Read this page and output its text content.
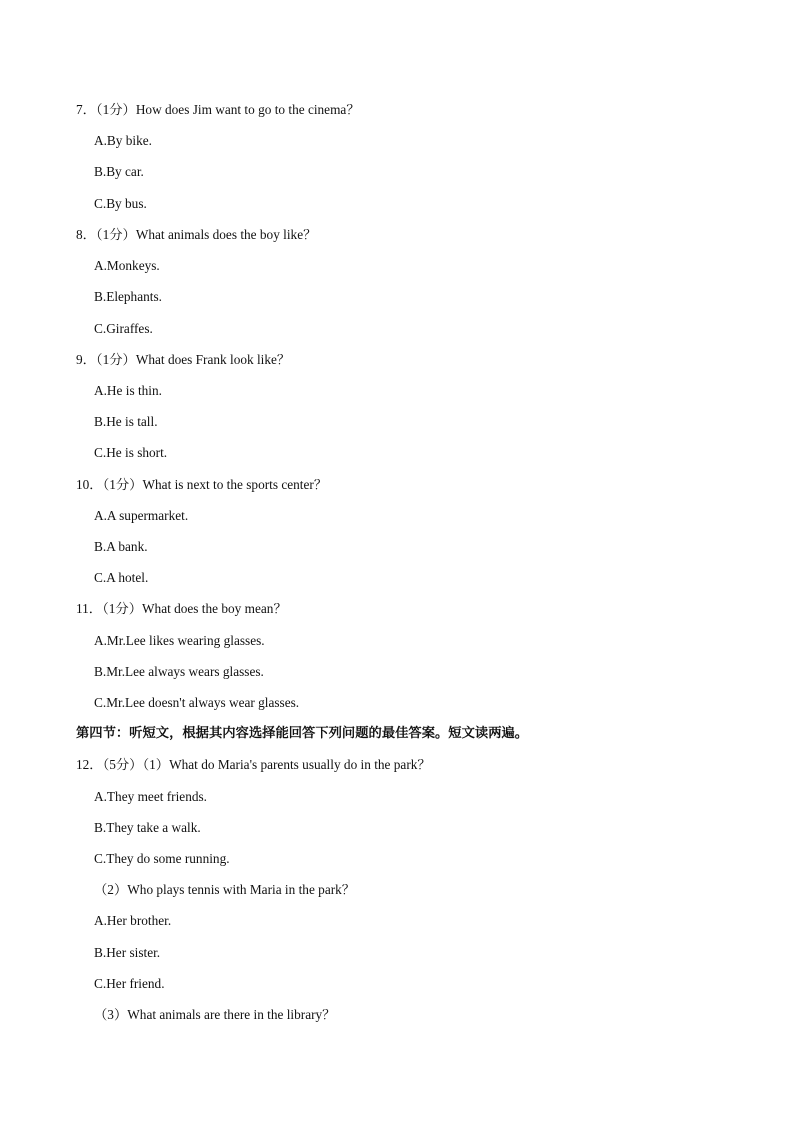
7．（1分）How does Jim want to go to the cinema？
A.By bike.
B.By car.
C.By bus.
8．（1分）What animals does the boy like？
A.Monkeys.
B.Elephants.
C.Giraffes.
9．（1分）What does Frank look like？
A.He is thin.
B.He is tall.
C.He is short.
10．（1分）What is next to the sports center？
A.A supermarket.
B.A bank.
C.A hotel.
11．（1分）What does the boy mean？
A.Mr.Lee likes wearing glasses.
B.Mr.Lee always wears glasses.
C.Mr.Lee doesn't always wear glasses.
第四节：听短文，根据其内容选择能回答下列问题的最佳答案。短文读两遍。
12．（5分）（1）What do Maria's parents usually do in the park？
A.They meet friends.
B.They take a walk.
C.They do some running.
（2）Who plays tennis with Maria in the park？
A.Her brother.
B.Her sister.
C.Her friend.
（3）What animals are there in the library？
